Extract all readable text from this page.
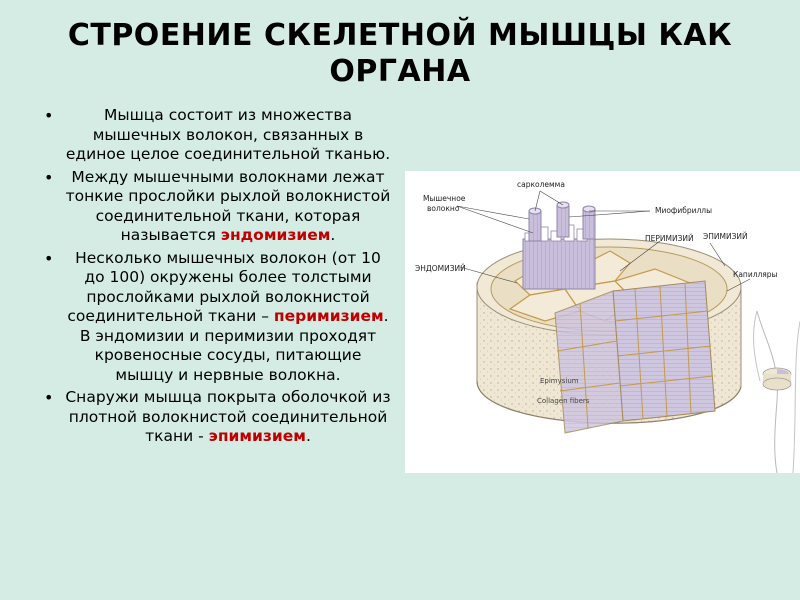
СТРОЕНИЕ СКЕЛЕТНОЙ МЫШЦЫ КАК
ОРГАНА
• Мышца состоит из множества мышечных волокон, связанных в единое целое соединительной тканью.
• Между мышечными волокнами лежат тонкие прослойки рыхлой волокнистой соединительной ткани, которая называется эндомизием.
• Несколько мышечных волокон (от 10 до 100) окружены более толстыми прослойками рыхлой волокнистой соединительной ткани – перимизием. В эндомизии и перимизии проходят кровеносные сосуды, питающие мышцу и нервные волокна.
• Снаружи мышца покрыта оболочкой из плотной волокнистой соединительной ткани - эпимизием.
сарколемма
Мышечное
волокно	Миофибриллы
ПЕРИМИЗИЙ ЭПИМИЗИЙ
ЭНДОМИЗИЙ
Капилляры
Epimysium
Collagen fibers
